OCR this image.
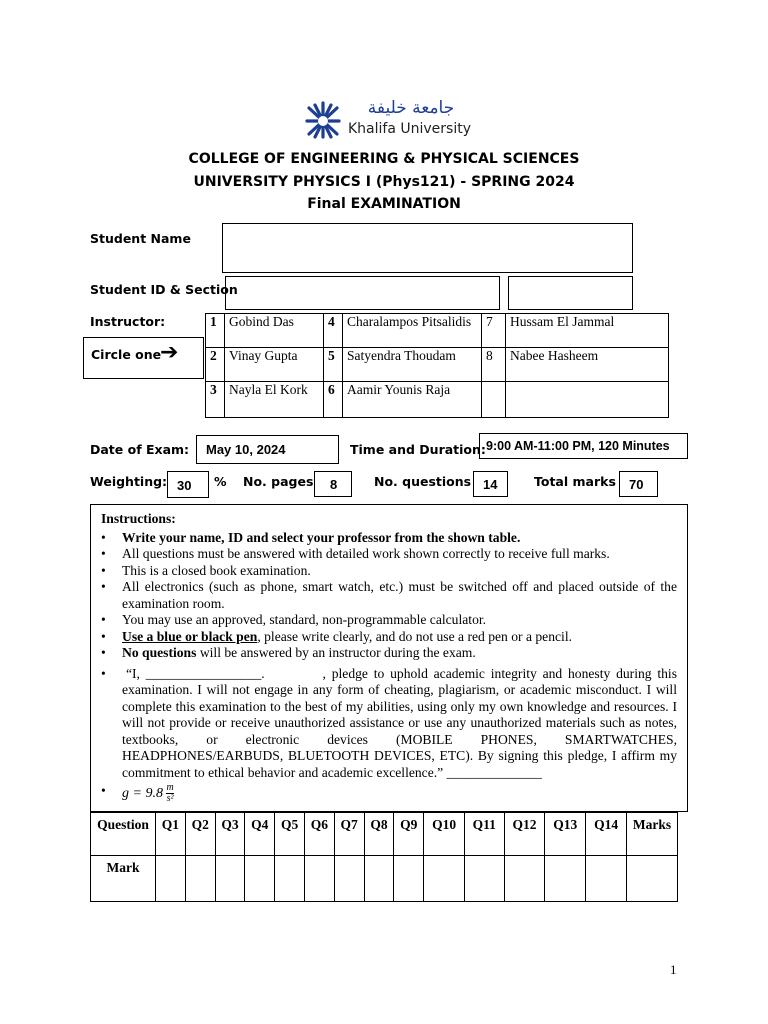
جامعة خليفة
Khalifa University
COLLEGE OF ENGINEERING & PHYSICAL SCIENCES
UNIVERSITY PHYSICS I (Phys121) - SPRING 2024
Final EXAMINATION
Student Name
Student ID & Section
Instructor:
Circle one
➔
1	Gobind Das	4	Charalampos Pitsalidis	7	Hussam El Jammal
2	Vinay Gupta	5	Satyendra Thoudam	8	Nabee Hasheem
3	Nayla El Kork	6	Aamir Younis Raja		
Date of Exam: May 10, 2024	Time and Duration: 9:00 AM-11:00 PM, 120 Minutes
Weighting: 30 % No. pages 8	No. questions 14	Total marks 70
Instructions:
• Write your name, ID and select your professor from the shown table.
• All questions must be answered with detailed work shown correctly to receive full marks.
• This is a closed book examination.
• All electronics (such as phone, smart watch, etc.) must be switched off and placed outside of the examination room.
• You may use an approved, standard, non-programmable calculator.
• Use a blue or black pen, please write clearly, and do not use a red pen or a pencil.
• No questions will be answered by an instructor during the exam.
• “I, _________________.          , pledge to uphold academic integrity and honesty during this examination. I will not engage in any form of cheating, plagiarism, or academic misconduct. I will complete this examination to the best of my abilities, using only my own knowledge and resources. I will not provide or receive unauthorized assistance or use any unauthorized materials such as notes, textbooks, or electronic devices (MOBILE PHONES, SMARTWATCHES, HEADPHONES/EARBUDS, BLUETOOTH DEVICES, ETC). By signing this pledge, I affirm my commitment to ethical behavior and academic excellence.” ______________
• $g = 9.8 \frac{m}{\text{s²}}$
Question	Q1	Q2	Q3	Q4	Q5	Q6	Q7	Q8	Q9	Q10	Q11	Q12	Q13	Q14	Marks
Mark															
1
